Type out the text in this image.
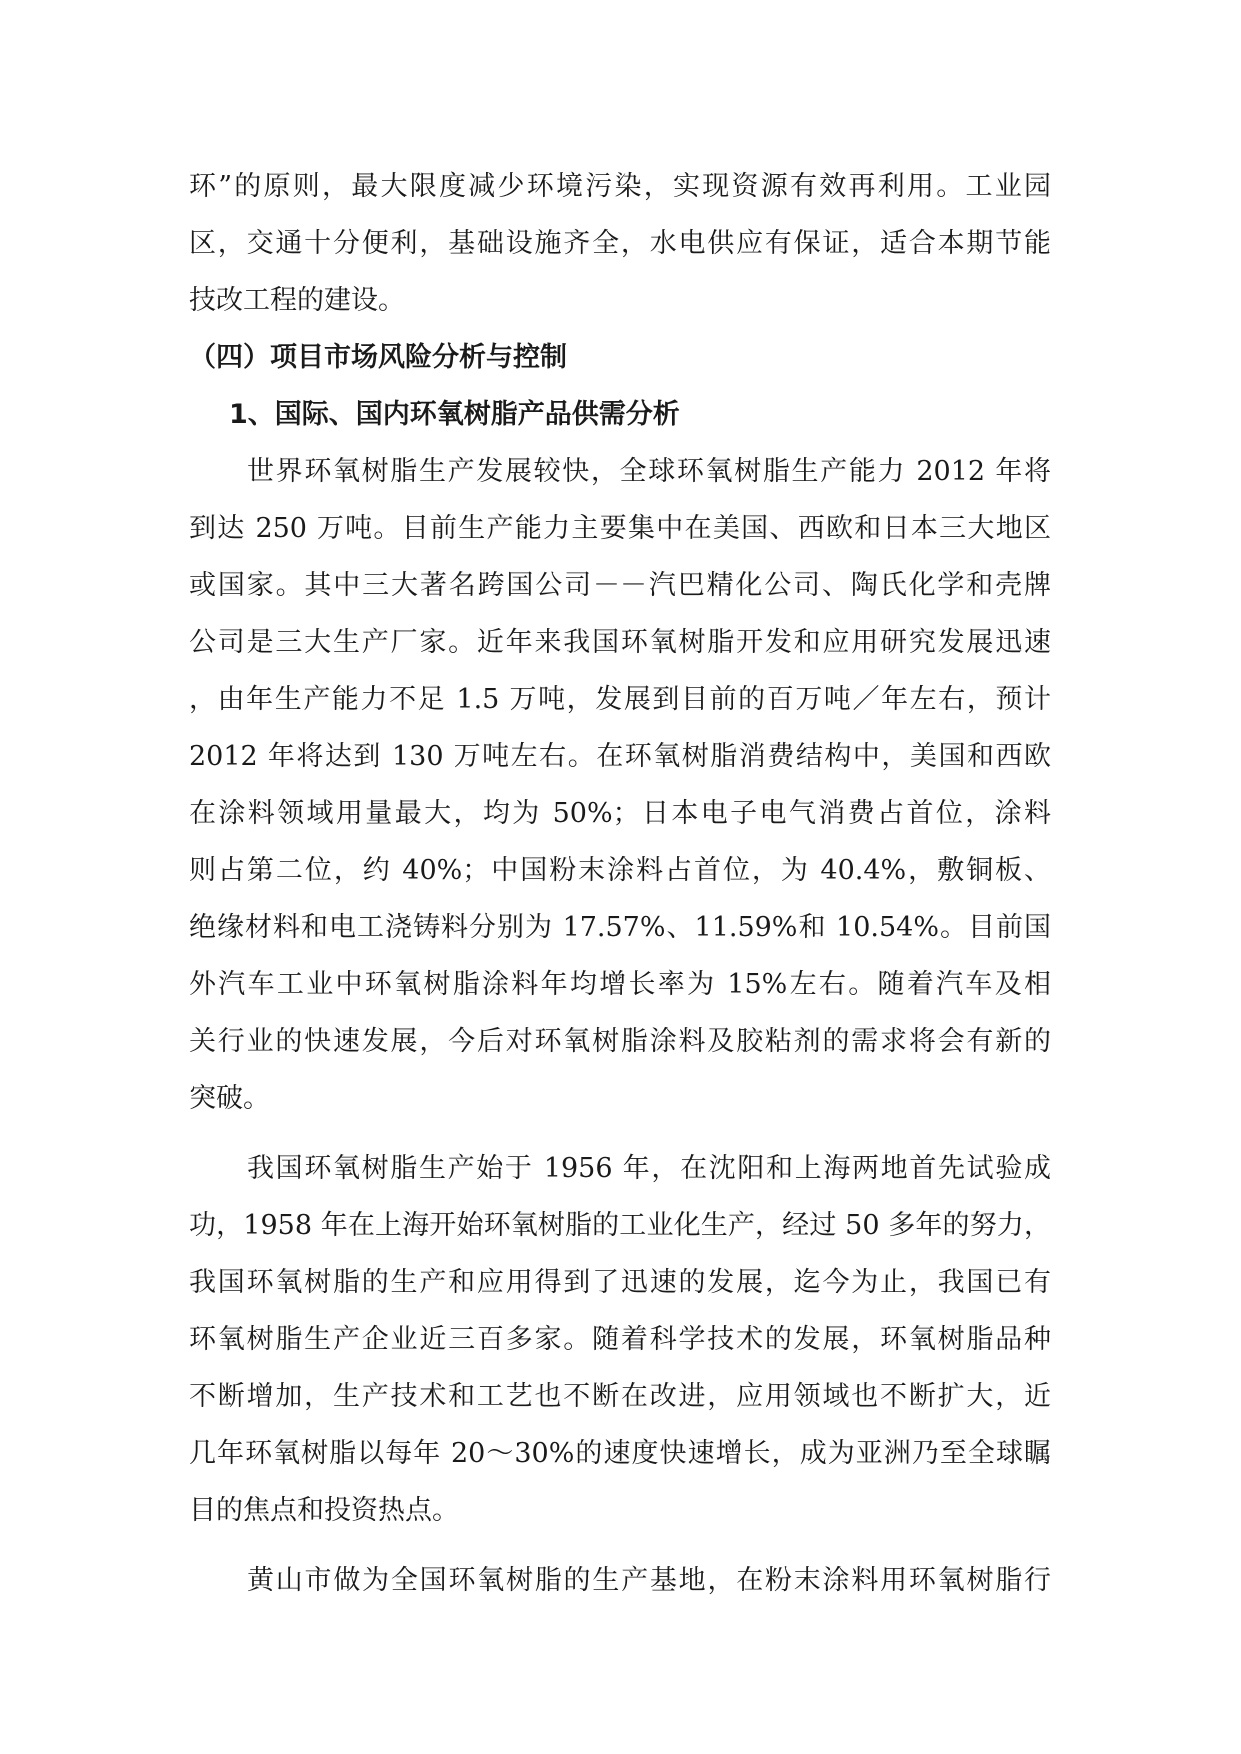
环”的原则，最大限度减少环境污染，实现资源有效再利用。工业园
区，交通十分便利，基础设施齐全，水电供应有保证，适合本期节能
技改工程的建设。
（四）项目市场风险分析与控制
1、国际、国内环氧树脂产品供需分析
世界环氧树脂生产发展较快，全球环氧树脂生产能力 2012 年将
到达 250 万吨。目前生产能力主要集中在美国、西欧和日本三大地区
或国家。其中三大著名跨国公司－－汽巴精化公司、陶氏化学和壳牌
公司是三大生产厂家。近年来我国环氧树脂开发和应用研究发展迅速
，由年生产能力不足 1.5 万吨，发展到目前的百万吨／年左右，预计
2012 年将达到 130 万吨左右。在环氧树脂消费结构中，美国和西欧
在涂料领域用量最大，均为 50%；日本电子电气消费占首位，涂料
则占第二位，约 40%；中国粉末涂料占首位，为 40.4%，敷铜板、
绝缘材料和电工浇铸料分别为 17.57%、11.59%和 10.54%。目前国
外汽车工业中环氧树脂涂料年均增长率为 15%左右。随着汽车及相
关行业的快速发展，今后对环氧树脂涂料及胶粘剂的需求将会有新的
突破。
我国环氧树脂生产始于 1956 年，在沈阳和上海两地首先试验成
功，1958 年在上海开始环氧树脂的工业化生产，经过 50 多年的努力，
我国环氧树脂的生产和应用得到了迅速的发展，迄今为止，我国已有
环氧树脂生产企业近三百多家。随着科学技术的发展，环氧树脂品种
不断增加，生产技术和工艺也不断在改进，应用领域也不断扩大，近
几年环氧树脂以每年 20～30%的速度快速增长，成为亚洲乃至全球瞩
目的焦点和投资热点。
黄山市做为全国环氧树脂的生产基地，在粉末涂料用环氧树脂行
